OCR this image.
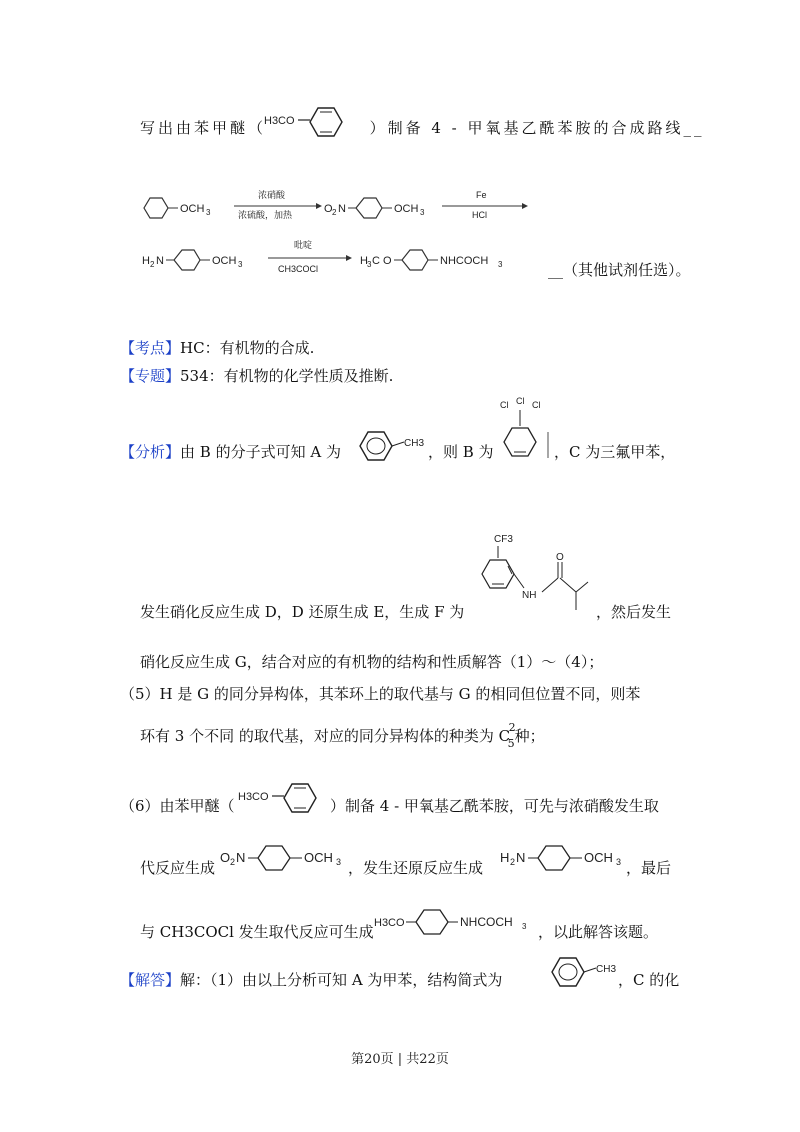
写出由苯甲醚（	）制备 4 - 甲氧基乙酰苯胺的合成路线__
H3CO
OCH 3
浓硝酸
浓硫酸，加热	O 2 N	OCH 3
Fe
HCl
H 2 N	OCH 3
吡啶
CH3COCl
H 3 C O	NHCOCH 3	__（其他试剂任选）。
【考点】HC：有机物的合成.
【专题】534：有机物的化学性质及推断.
【分析】由 B 的分子式可知 A 为	CH3 ，则 B 为
Cl Cl Cl
，C 为三氟甲苯，
CF3
NH
O
发生硝化反应生成 D，D 还原生成 E，生成 F 为	，然后发生
硝化反应生成 G，结合对应的有机物的结构和性质解答（1）～（4）；
（5）H 是 G 的同分异构体，其苯环上的取代基与 G 的相同但位置不同，则苯
环有 3 个不同 的取代基，对应的同分异构体的种类为 C
2
5 种；
（6）由苯甲醚（ H3CO	）制备 4 - 甲氧基乙酰苯胺，可先与浓硝酸发生取
代反应生成
O 2 N	OCH 3 ，发生还原反应生成
H 2 N	OCH 3 ，最后
与 CH3COCl 发生取代反应可生成 H3CO	NHCOCH 3 ，以此解答该题。
【解答】解：（1）由以上分析可知 A 为甲苯，结构简式为
CH3
，C 的化
第20页 | 共22页
